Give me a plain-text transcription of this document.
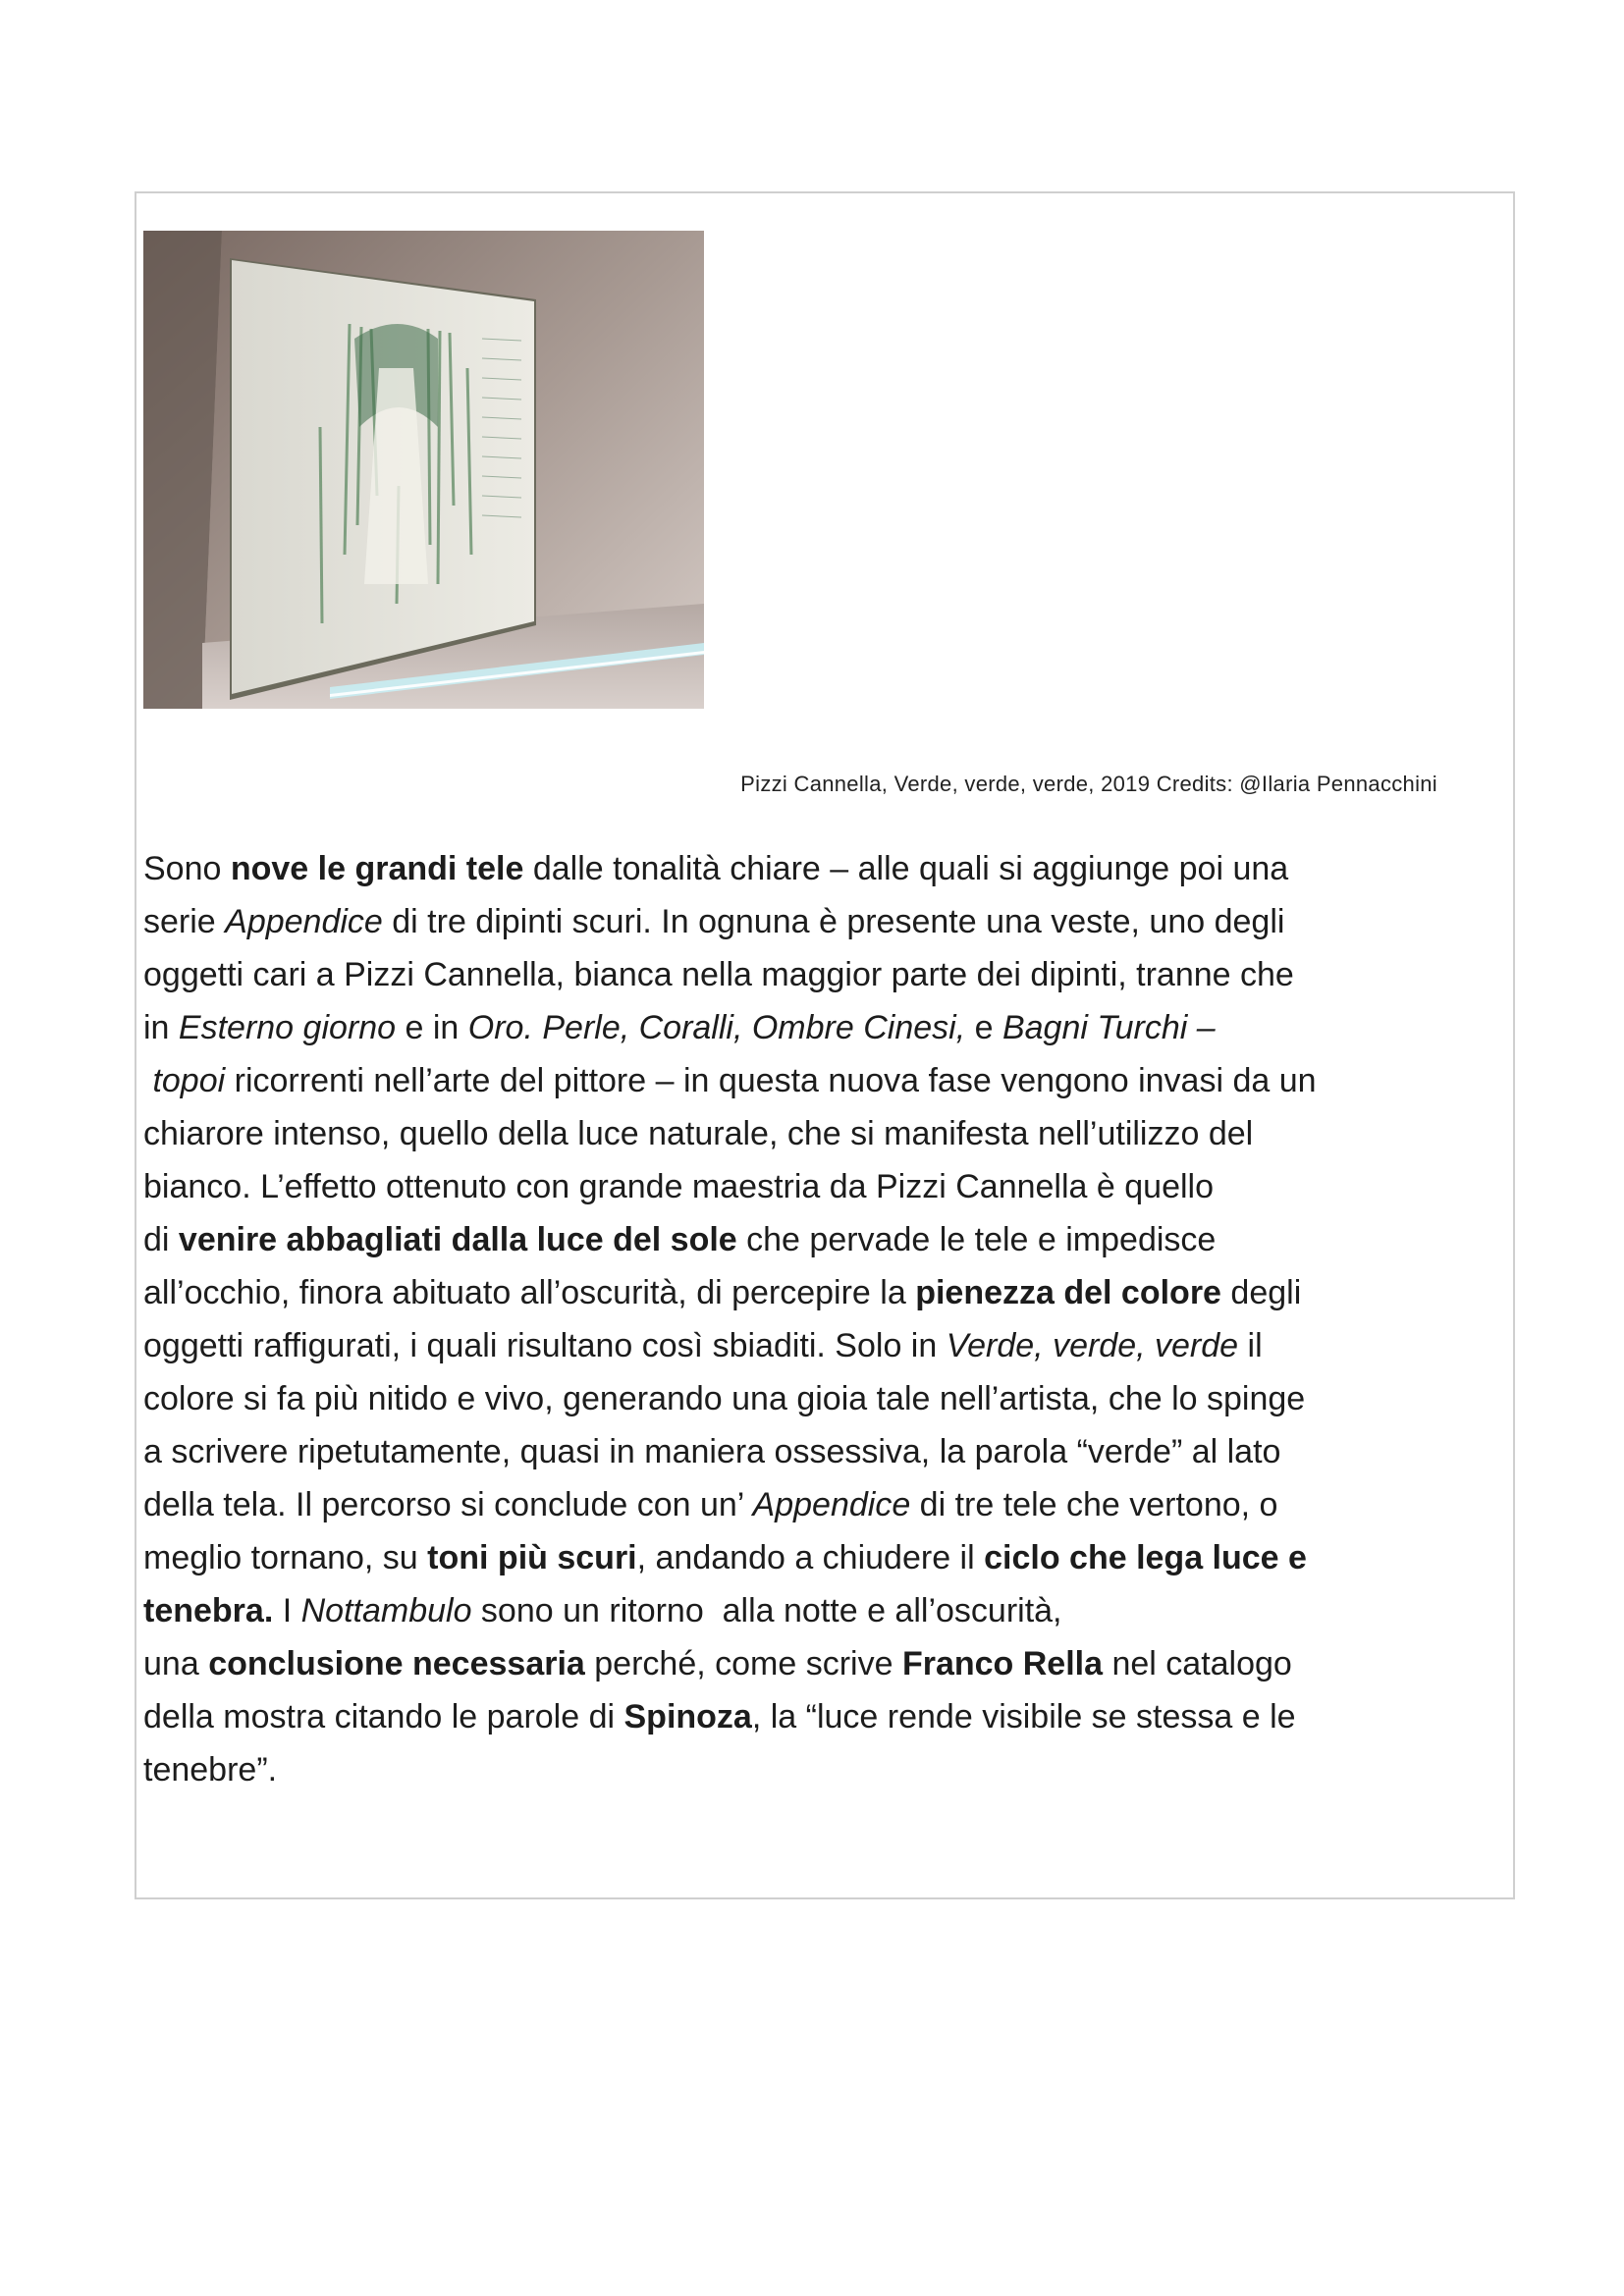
Pizzi Cannella, Verde, verde, verde, 2019 Credits: @Ilaria Pennacchini
Sono nove le grandi tele dalle tonalità chiare – alle quali si aggiunge poi una
serie Appendice di tre dipinti scuri. In ognuna è presente una veste, uno degli
oggetti cari a Pizzi Cannella, bianca nella maggior parte dei dipinti, tranne che
in Esterno giorno e in Oro. Perle, Coralli, Ombre Cinesi, e Bagni Turchi –
topoi ricorrenti nell’arte del pittore – in questa nuova fase vengono invasi da un
chiarore intenso, quello della luce naturale, che si manifesta nell’utilizzo del
bianco. L’effetto ottenuto con grande maestria da Pizzi Cannella è quello
di venire abbagliati dalla luce del sole che pervade le tele e impedisce
all’occhio, finora abituato all’oscurità, di percepire la pienezza del colore degli
oggetti raffigurati, i quali risultano così sbiaditi. Solo in Verde, verde, verde il
colore si fa più nitido e vivo, generando una gioia tale nell’artista, che lo spinge
a scrivere ripetutamente, quasi in maniera ossessiva, la parola “verde” al lato
della tela. Il percorso si conclude con un’ Appendice di tre tele che vertono, o
meglio tornano, su toni più scuri, andando a chiudere il ciclo che lega luce e
tenebra. I Nottambulo sono un ritorno  alla notte e all’oscurità,
una conclusione necessaria perché, come scrive Franco Rella nel catalogo
della mostra citando le parole di Spinoza, la “luce rende visibile se stessa e le
tenebre”.
